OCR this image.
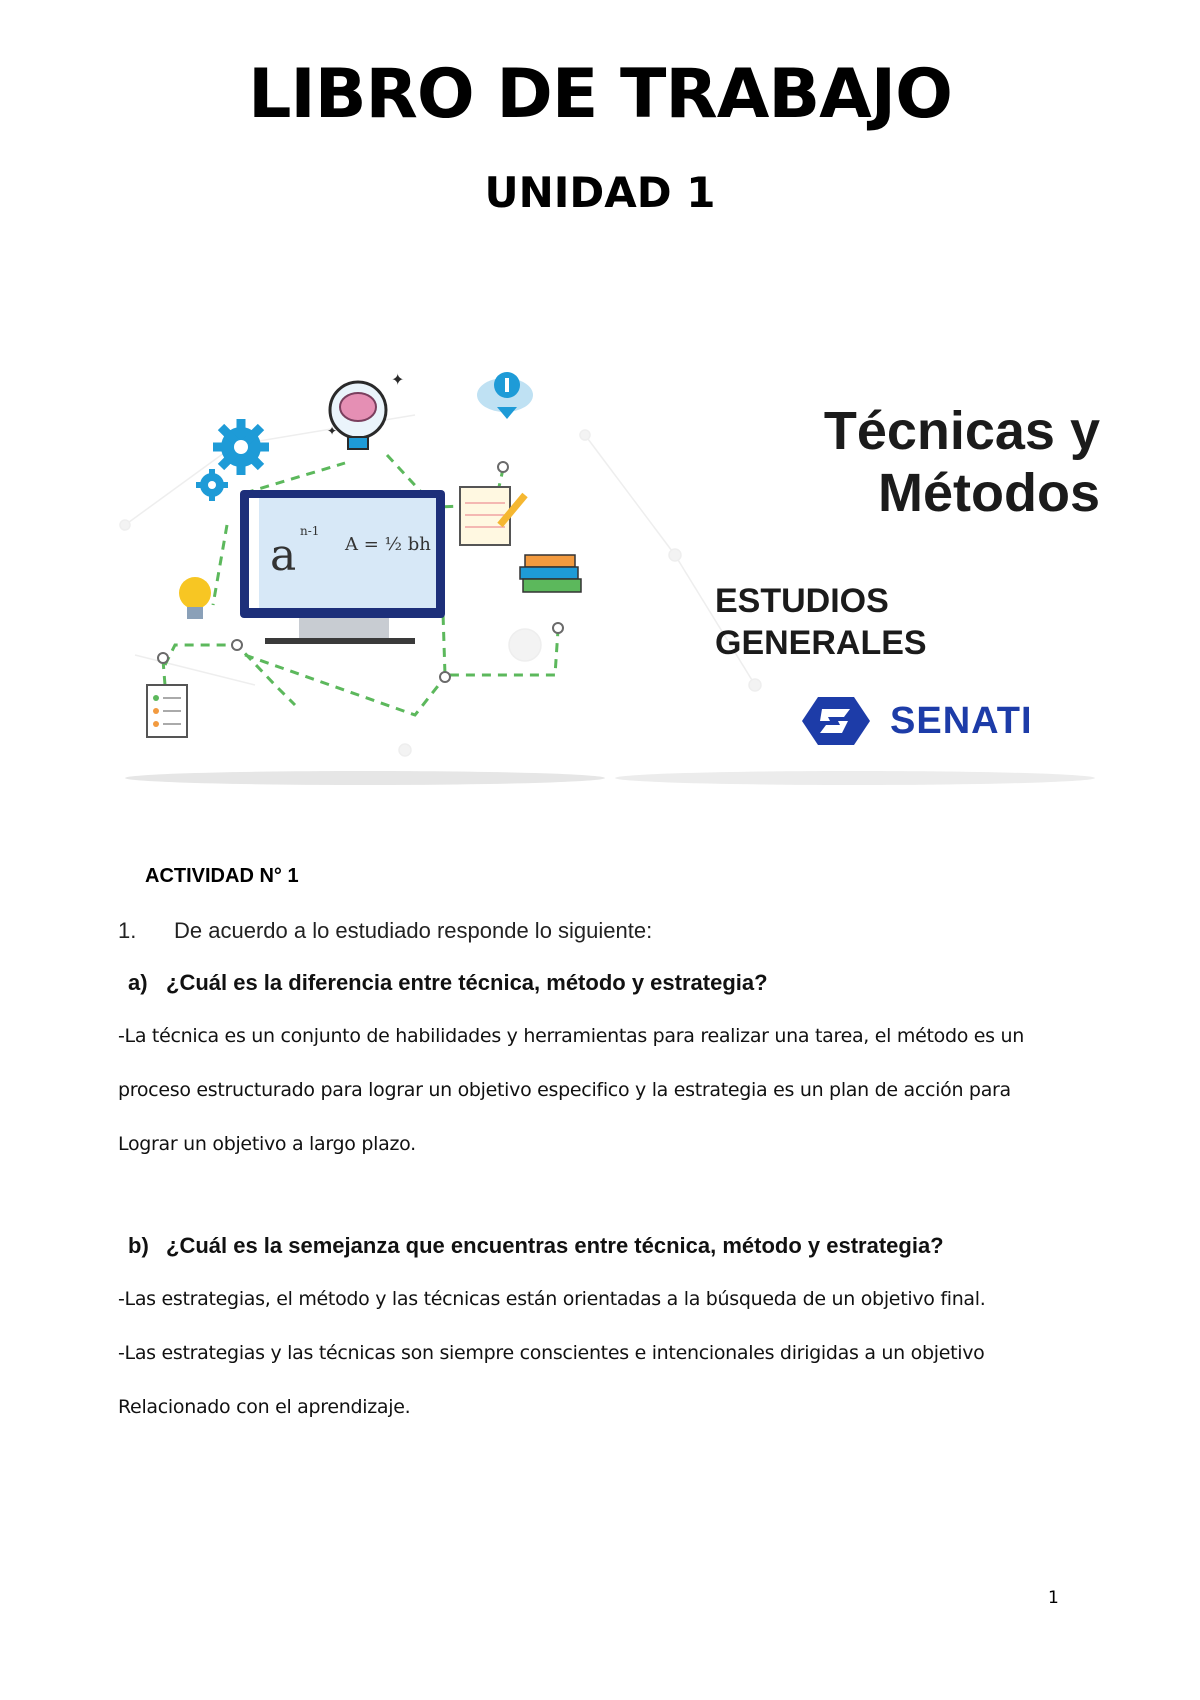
LIBRO DE TRABAJO
UNIDAD 1
✦
✦
a n-1
A = ½ bh
Técnicas y
Métodos
ESTUDIOS
GENERALES
SENATI
ACTIVIDAD N° 1
1. De acuerdo a lo estudiado responde lo siguiente:
a) ¿Cuál es la diferencia entre técnica, método y estrategia?
-La técnica es un conjunto de habilidades y herramientas para realizar una tarea, el método es un
proceso estructurado para lograr un objetivo especifico y la estrategia es un plan de acción para
Lograr un objetivo a largo plazo.
b) ¿Cuál es la semejanza que encuentras entre técnica, método y estrategia?
-Las estrategias, el método y las técnicas están orientadas a la búsqueda de un objetivo final.
-Las estrategias y las técnicas son siempre conscientes e intencionales dirigidas a un objetivo
Relacionado con el aprendizaje.
1
